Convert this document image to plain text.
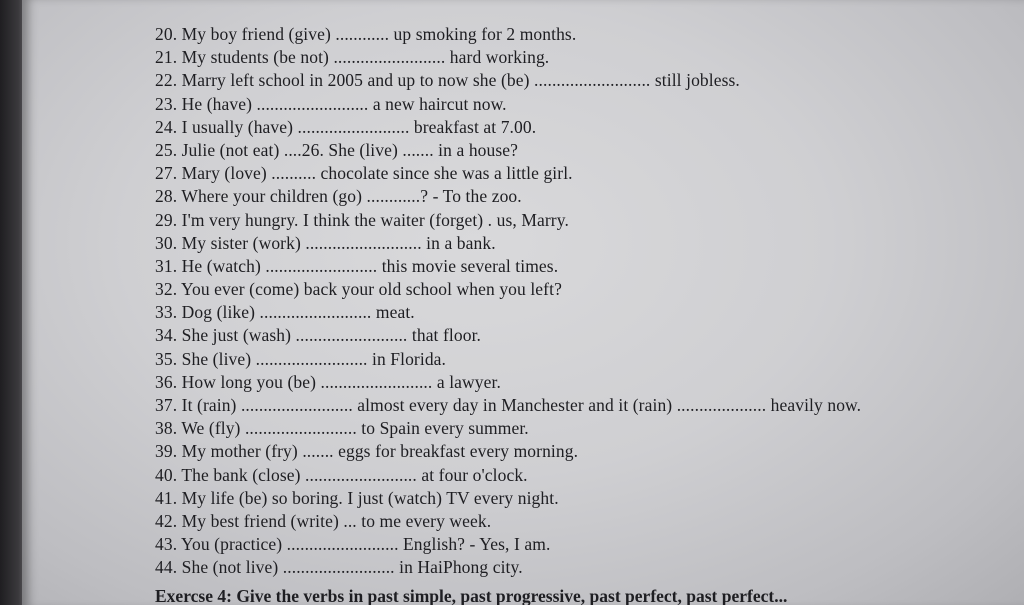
20. My boy friend (give) ............ up smoking for 2 months.
21. My students (be not) ......................... hard working.
22. Marry left school in 2005 and up to now she (be) .......................... still jobless.
23. He (have) ......................... a new haircut now.
24. I usually (have) ......................... breakfast at 7.00.
25. Julie (not eat) ....26. She (live) ....... in a house?
27. Mary (love) .......... chocolate since she was a little girl.
28. Where your children (go) ............? - To the zoo.
29. I'm very hungry. I think the waiter (forget) . us, Marry.
30. My sister (work) .......................... in a bank.
31. He (watch) ......................... this movie several times.
32. You ever (come) back your old school when you left?
33. Dog (like) ......................... meat.
34. She just (wash) ......................... that floor.
35. She (live) ......................... in Florida.
36. How long you (be) ......................... a lawyer.
37. It (rain) ......................... almost every day in Manchester and it (rain) .................... heavily now.
38. We (fly) ......................... to Spain every summer.
39. My mother (fry) ....... eggs for breakfast every morning.
40. The bank (close) ......................... at four o'clock.
41. My life (be) so boring. I just (watch) TV every night.
42. My best friend (write) ... to me every week.
43. You (practice) ......................... English? - Yes, I am.
44. She (not live) ......................... in HaiPhong city.
Exercse 4: Give the verbs in past simple, past progressive, past perfect, past perfect...
